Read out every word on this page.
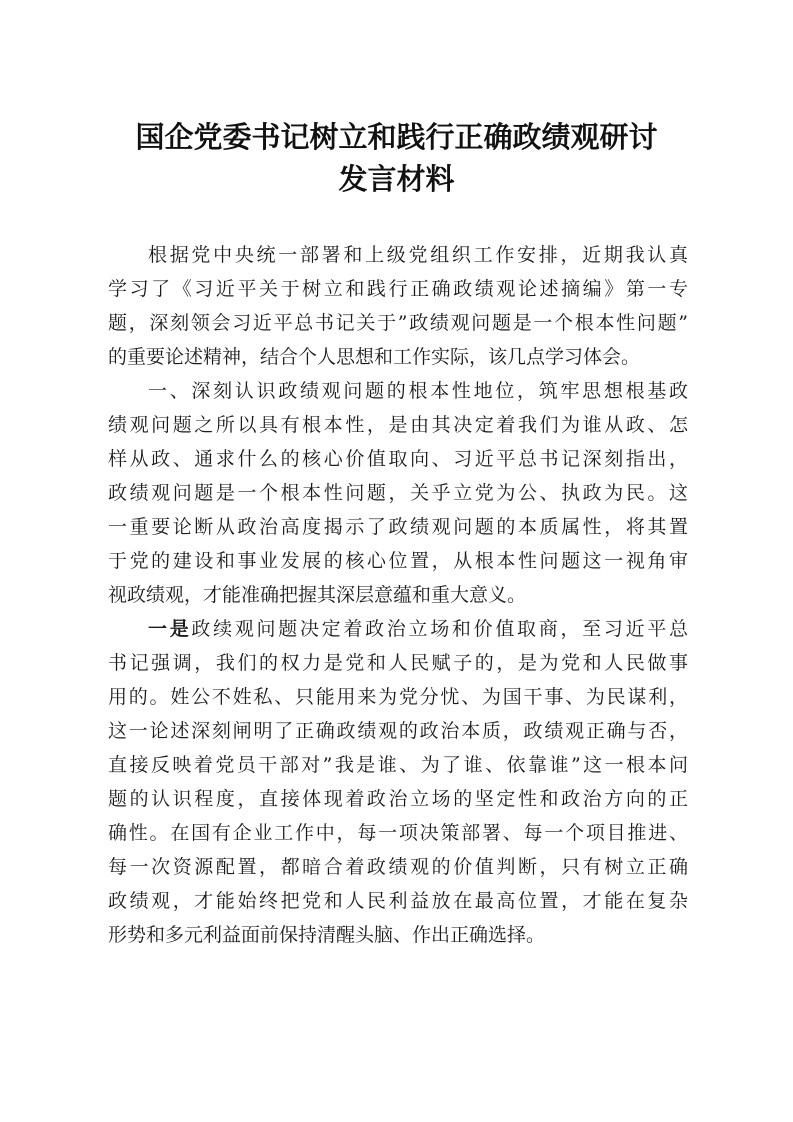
国企党委书记树立和践行正确政绩观研讨
发言材料
根据党中央统一部署和上级党组织工作安排，近期我认真
学习了《习近平关于树立和践行正确政绩观论述摘编》第一专
题，深刻领会习近平总书记关于”政绩观问题是一个根本性问题”
的重要论述精神，结合个人思想和工作实际，该几点学习体会。
一、深刻认识政绩观问题的根本性地位，筑牢思想根基政
绩观问题之所以具有根本性，是由其决定着我们为谁从政、怎
样从政、通求什么的核心价值取向、习近平总书记深刻指出，
政绩观问题是一个根本性问题，关乎立党为公、执政为民。这
一重要论断从政治高度揭示了政绩观问题的本质属性，将其置
于党的建设和事业发展的核心位置，从根本性问题这一视角审
视政绩观，才能准确把握其深层意蕴和重大意义。
一是政续观问题决定着政治立场和价值取商，至习近平总
书记强调，我们的权力是党和人民赋子的，是为党和人民做事
用的。姓公不姓私、只能用来为党分忧、为国干事、为民谋利，
这一论述深刻闸明了正确政绩观的政治本质，政绩观正确与否，
直接反映着党员干部对”我是谁、为了谁、依靠谁”这一根本问
题的认识程度，直接体现着政治立场的坚定性和政治方向的正
确性。在国有企业工作中，每一项决策部署、每一个项目推进、
每一次资源配置，都暗合着政绩观的价值判断，只有树立正确
政绩观，才能始终把党和人民利益放在最高位置，才能在复杂
形势和多元利益面前保持清醒头脑、作出正确选择。
